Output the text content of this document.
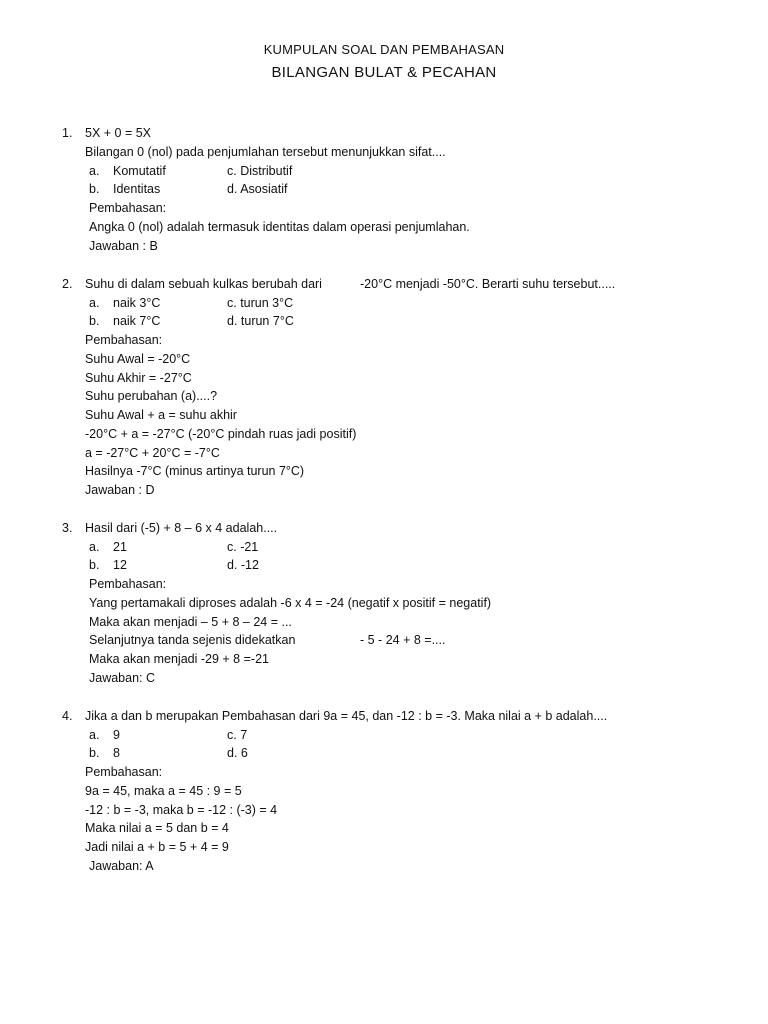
KUMPULAN SOAL DAN PEMBAHASAN
BILANGAN BULAT & PECAHAN
1. 5X + 0 = 5X
Bilangan 0 (nol) pada penjumlahan tersebut menunjukkan sifat....
a. Komutatif	c. Distributif
b. Identitas	d. Asosiatif
Pembahasan:
Angka 0 (nol) adalah termasuk identitas dalam operasi penjumlahan.
Jawaban : B
2. Suhu di dalam sebuah kulkas berubah dari	-20°C menjadi -50°C. Berarti suhu tersebut.....
a. naik 3°C	c. turun 3°C
b. naik 7°C	d. turun 7°C
Pembahasan:
Suhu Awal = -20°C
Suhu Akhir = -27°C
Suhu perubahan (a)....?
Suhu Awal + a = suhu akhir
-20°C + a = -27°C (-20°C pindah ruas jadi positif)
a = -27°C + 20°C = -7°C
Hasilnya -7°C (minus artinya turun 7°C)
Jawaban : D
3. Hasil dari (-5) + 8 – 6 x 4 adalah....
a. 21	c. -21
b. 12	d. -12
Pembahasan:
Yang pertamakali diproses adalah -6 x 4 = -24 (negatif x positif = negatif)
Maka akan menjadi – 5 + 8 – 24 = ...
Selanjutnya tanda sejenis didekatkan	- 5 - 24 + 8 =....
Maka akan menjadi -29 + 8 =-21
Jawaban: C
4. Jika a dan b merupakan Pembahasan dari 9a = 45, dan -12 : b = -3. Maka nilai a + b adalah....
a. 9	c. 7
b. 8	d. 6
Pembahasan:
9a = 45, maka a = 45 : 9 = 5
-12 : b = -3, maka b = -12 : (-3) = 4
Maka nilai a = 5 dan b = 4
Jadi nilai a + b = 5 + 4 = 9
Jawaban: A
